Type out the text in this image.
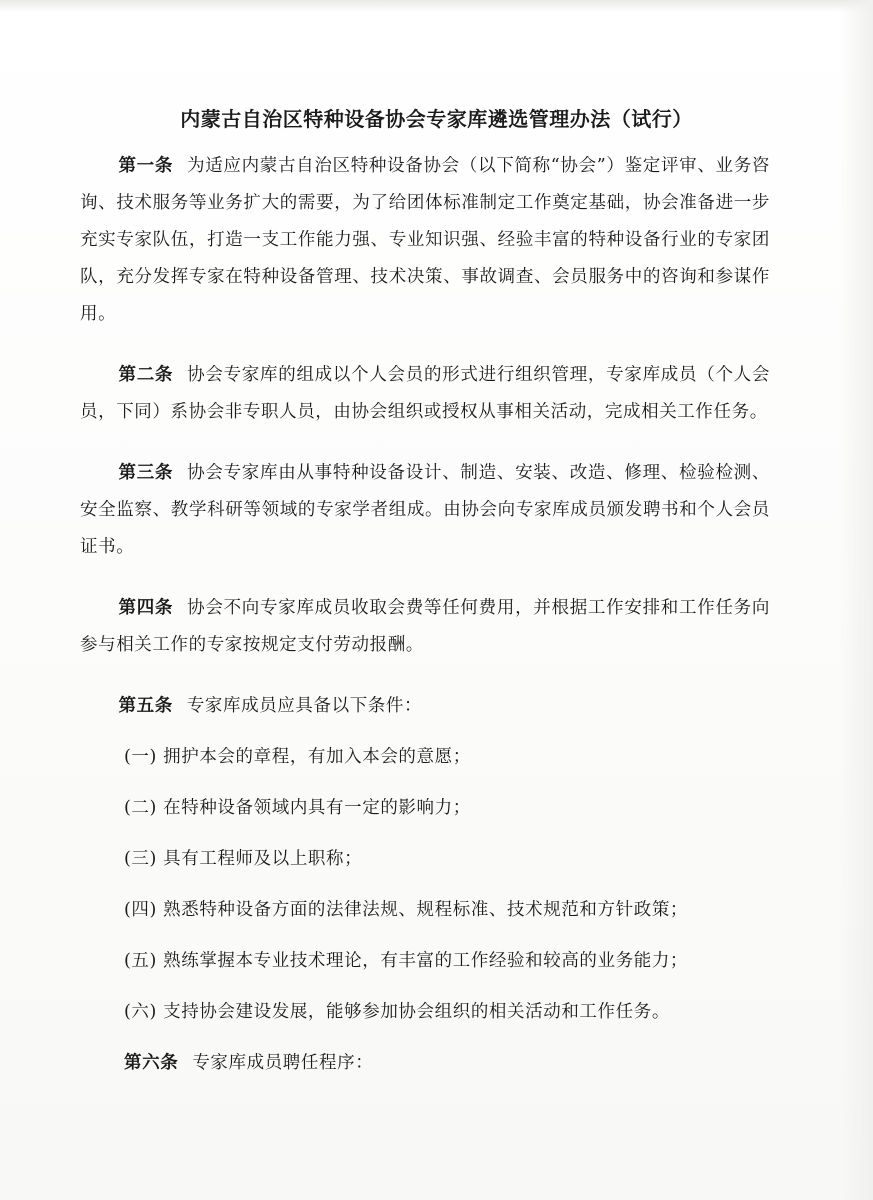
内蒙古自治区特种设备协会专家库遴选管理办法（试行）

第一条 为适应内蒙古自治区特种设备协会（以下简称“协会”）鉴定评审、业务咨询、技术服务等业务扩大的需要，为了给团体标准制定工作奠定基础，协会准备进一步充实专家队伍，打造一支工作能力强、专业知识强、经验丰富的特种设备行业的专家团队，充分发挥专家在特种设备管理、技术决策、事故调查、会员服务中的咨询和参谋作用。

第二条 协会专家库的组成以个人会员的形式进行组织管理，专家库成员（个人会员，下同）系协会非专职人员，由协会组织或授权从事相关活动，完成相关工作任务。

第三条 协会专家库由从事特种设备设计、制造、安装、改造、修理、检验检测、安全监察、教学科研等领域的专家学者组成。由协会向专家库成员颁发聘书和个人会员证书。

第四条 协会不向专家库成员收取会费等任何费用，并根据工作安排和工作任务向参与相关工作的专家按规定支付劳动报酬。

第五条 专家库成员应具备以下条件：

(一) 拥护本会的章程，有加入本会的意愿；
(二) 在特种设备领域内具有一定的影响力；
(三) 具有工程师及以上职称；
(四) 熟悉特种设备方面的法律法规、规程标准、技术规范和方针政策；
(五) 熟练掌握本专业技术理论，有丰富的工作经验和较高的业务能力；
(六) 支持协会建设发展，能够参加协会组织的相关活动和工作任务。
第六条 专家库成员聘任程序：
